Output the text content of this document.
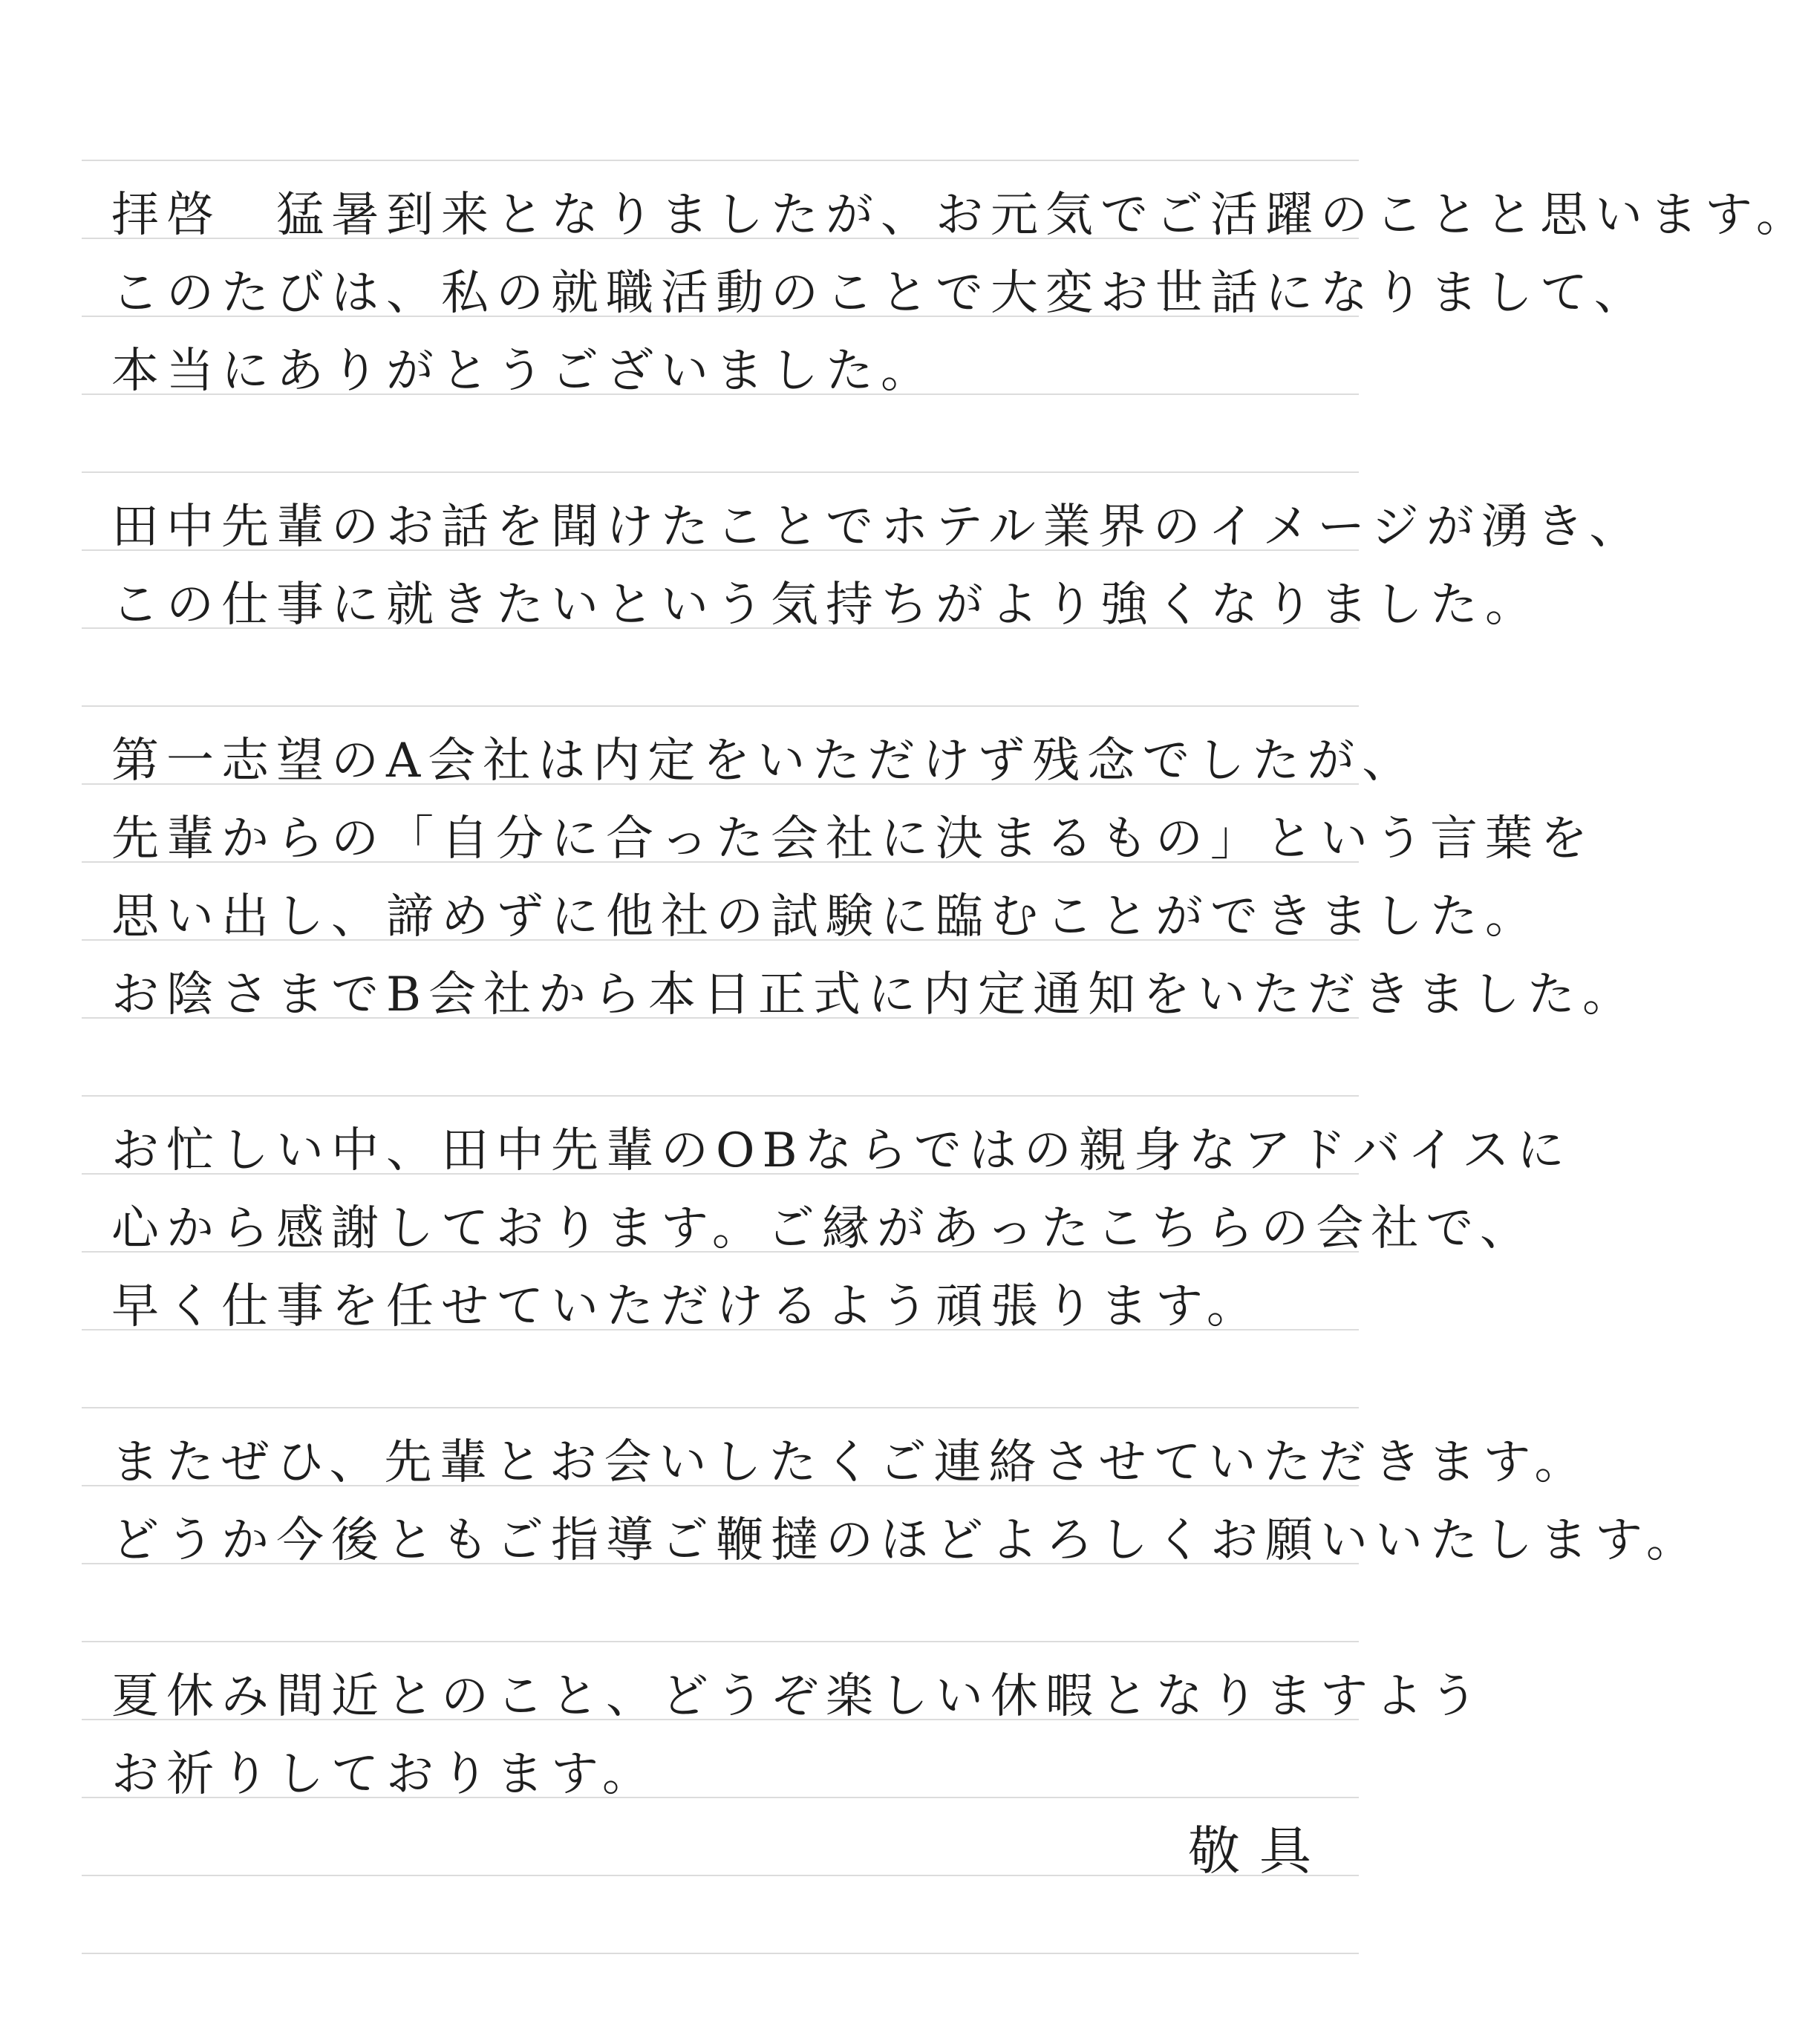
拝啓　猛暑到来となりましたが、お元気でご活躍のことと思います。
このたびは、私の就職活動のことで大変お世話になりまして、
本当にありがとうございました。
田中先輩のお話を聞けたことでホテル業界のイメージが湧き、
この仕事に就きたいという気持ちがより強くなりました。
第一志望のA会社は内定をいただけず残念でしたが、
先輩からの「自分に合った会社に決まるもの」という言葉を
思い出し、諦めずに他社の試験に臨むことができました。
お陰さまでB会社から本日正式に内定通知をいただきました。
お忙しい中、田中先輩のOBならではの親身なアドバイスに
心から感謝しております。ご縁があったこちらの会社で、
早く仕事を任せていただけるよう頑張ります。
またぜひ、先輩とお会いしたくご連絡させていただきます。
どうか今後ともご指導ご鞭撻のほどよろしくお願いいたします。
夏休み間近とのこと、どうぞ楽しい休暇となりますよう
お祈りしております。
敬具
